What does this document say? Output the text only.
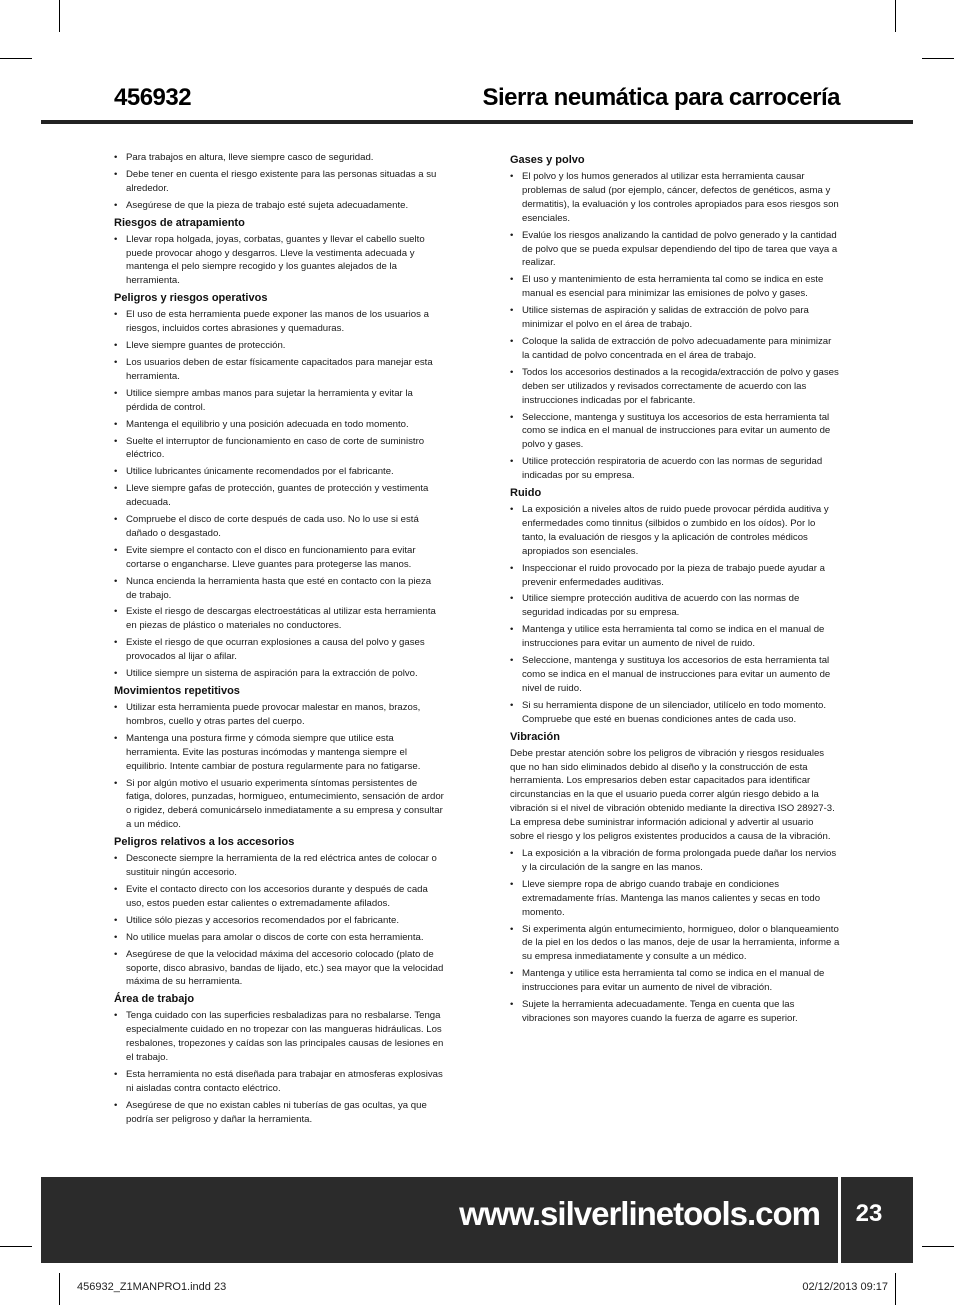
456932	Sierra neumática para carrocería
• Para trabajos en altura, lleve siempre casco de seguridad.
• Debe tener en cuenta el riesgo existente para las personas situadas a su alrededor.
• Asegúrese de que la pieza de trabajo esté sujeta adecuadamente.
Riesgos de atrapamiento
• Llevar ropa holgada, joyas, corbatas, guantes y llevar el cabello suelto puede provocar ahogo y desgarros. Lleve la vestimenta adecuada y mantenga el pelo siempre recogido y los guantes alejados de la herramienta.
Peligros y riesgos operativos
• El uso de esta herramienta puede exponer las manos de los usuarios a riesgos, incluidos cortes abrasiones y quemaduras.
• Lleve siempre guantes de protección.
• Los usuarios deben de estar físicamente capacitados para manejar esta herramienta.
• Utilice siempre ambas manos para sujetar la herramienta y evitar la pérdida de control.
• Mantenga el equilibrio y una posición adecuada en todo momento.
• Suelte el interruptor de funcionamiento en caso de corte de suministro eléctrico.
• Utilice lubricantes únicamente recomendados por el fabricante.
• Lleve siempre gafas de protección, guantes de protección y vestimenta adecuada.
• Compruebe el disco de corte después de cada uso. No lo use si está dañado o desgastado.
• Evite siempre el contacto con el disco en funcionamiento para evitar cortarse o engancharse. Lleve guantes para protegerse las manos.
• Nunca encienda la herramienta hasta que esté en contacto con la pieza de trabajo.
• Existe el riesgo de descargas electroestáticas al utilizar esta herramienta en piezas de plástico o materiales no conductores.
• Existe el riesgo de que ocurran explosiones a causa del polvo y gases provocados al lijar o afilar.
• Utilice siempre un sistema de aspiración para la extracción de polvo.
Movimientos repetitivos
• Utilizar esta herramienta puede provocar malestar en manos, brazos, hombros, cuello y otras partes del cuerpo.
• Mantenga una postura firme y cómoda siempre que utilice esta herramienta. Evite las posturas incómodas y mantenga siempre el equilibrio. Intente cambiar de postura regularmente para no fatigarse.
• Si por algún motivo el usuario experimenta síntomas persistentes de fatiga, dolores, punzadas, hormigueo, entumecimiento, sensación de ardor o rigidez, deberá comunicárselo inmediatamente a su empresa y consultar a un médico.
Peligros relativos a los accesorios
• Desconecte siempre la herramienta de la red eléctrica antes de colocar o sustituir ningún accesorio.
• Evite el contacto directo con los accesorios durante y después de cada uso, estos pueden estar calientes o extremadamente afilados.
• Utilice sólo piezas y accesorios recomendados por el fabricante.
• No utilice muelas para amolar o discos de corte con esta herramienta.
• Asegúrese de que la velocidad máxima del accesorio colocado (plato de soporte, disco abrasivo, bandas de lijado, etc.) sea mayor que la velocidad máxima de su herramienta.
Área de trabajo
• Tenga cuidado con las superficies resbaladizas para no resbalarse. Tenga especialmente cuidado en no tropezar con las mangueras hidráulicas. Los resbalones, tropezones y caídas son las principales causas de lesiones en el trabajo.
• Esta herramienta no está diseñada para trabajar en atmosferas explosivas ni aisladas contra contacto eléctrico.
• Asegúrese de que no existan cables ni tuberías de gas ocultas, ya que podría ser peligroso y dañar la herramienta.
Gases y polvo
• El polvo y los humos generados al utilizar esta herramienta causar problemas de salud (por ejemplo, cáncer, defectos de genéticos, asma y dermatitis), la evaluación y los controles apropiados para esos riesgos son esenciales.
• Evalúe los riesgos analizando la cantidad de polvo generado y la cantidad de polvo que se pueda expulsar dependiendo del tipo de tarea que vaya a realizar.
• El uso y mantenimiento de esta herramienta tal como se indica en este manual es esencial para minimizar las emisiones de polvo y gases.
• Utilice sistemas de aspiración y salidas de extracción de polvo para minimizar el polvo en el área de trabajo.
• Coloque la salida de extracción de polvo adecuadamente para minimizar la cantidad de polvo concentrada en el área de trabajo.
• Todos los accesorios destinados a la recogida/extracción de polvo y gases deben ser utilizados y revisados correctamente de acuerdo con las instrucciones indicadas por el fabricante.
• Seleccione, mantenga y sustituya los accesorios de esta herramienta tal como se indica en el manual de instrucciones para evitar un aumento de polvo y gases.
• Utilice protección respiratoria de acuerdo con las normas de seguridad indicadas por su empresa.
Ruido
• La exposición a niveles altos de ruido puede provocar pérdida auditiva y enfermedades como tinnitus (silbidos o zumbido en los oídos). Por lo tanto, la evaluación de riesgos y la aplicación de controles médicos apropiados son esenciales.
• Inspeccionar el ruido provocado por la pieza de trabajo puede ayudar a prevenir enfermedades auditivas.
• Utilice siempre protección auditiva de acuerdo con las normas de seguridad indicadas por su empresa.
• Mantenga y utilice esta herramienta tal como se indica en el manual de instrucciones para evitar un aumento de nivel de ruido.
• Seleccione, mantenga y sustituya los accesorios de esta herramienta tal como se indica en el manual de instrucciones para evitar un aumento de nivel de ruido.
• Si su herramienta dispone de un silenciador, utilícelo en todo momento. Compruebe que esté en buenas condiciones antes de cada uso.
Vibración

Debe prestar atención sobre los peligros de vibración y riesgos residuales que no han sido eliminados debido al diseño y la construcción de esta herramienta. Los empresarios deben estar capacitados para identificar circunstancias en la que el usuario pueda correr algún riesgo debido a la vibración si el nivel de vibración obtenido mediante la directiva ISO 28927-3. La empresa debe suministrar información adicional y advertir al usuario sobre el riesgo y los peligros existentes producidos a causa de la vibración.

• La exposición a la vibración de forma prolongada puede dañar los nervios y la circulación de la sangre en las manos.
• Lleve siempre ropa de abrigo cuando trabaje en condiciones extremadamente frías. Mantenga las manos calientes y secas en todo momento.
• Si experimenta algún entumecimiento, hormigueo, dolor o blanqueamiento de la piel en los dedos o las manos, deje de usar la herramienta, informe a su empresa inmediatamente y consulte a un médico.
• Mantenga y utilice esta herramienta tal como se indica en el manual de instrucciones para evitar un aumento de nivel de vibración.
• Sujete la herramienta adecuadamente. Tenga en cuenta que las vibraciones son mayores cuando la fuerza de agarre es superior.
www.silverlinetools.com	23
456932_Z1MANPRO1.indd 23	02/12/2013 09:17
